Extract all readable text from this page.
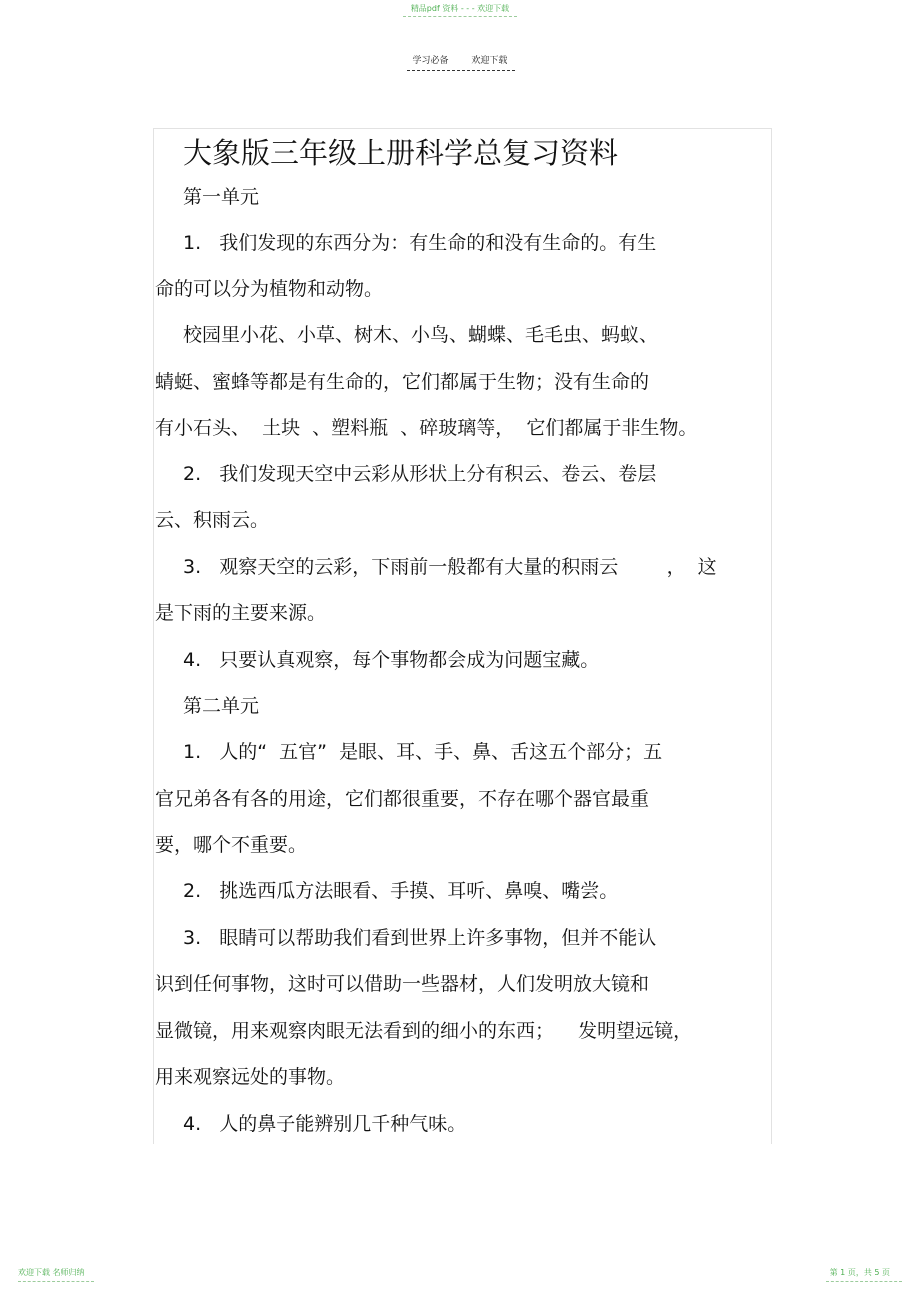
精品pdf 资料 - - - 欢迎下载
学习必备        欢迎下载
大象版三年级上册科学总复习资料
第一单元
1.   我们发现的东西分为：有生命的和没有生命的。有生
命的可以分为植物和动物。
校园里小花、小草、树木、小鸟、蝴蝶、毛毛虫、蚂蚁、
蜻蜓、蜜蜂等都是有生命的，它们都属于生物；没有生命的
有小石头、  土块  、塑料瓶  、碎玻璃等，  它们都属于非生物。
2.   我们发现天空中云彩从形状上分有积云、卷云、卷层
云、积雨云。
3.   观察天空的云彩，下雨前一般都有大量的积雨云        ，  这
是下雨的主要来源。
4.   只要认真观察，每个事物都会成为问题宝藏。
第二单元
1.   人的“  五官”  是眼、耳、手、鼻、舌这五个部分；五
官兄弟各有各的用途，它们都很重要，不存在哪个器官最重
要，哪个不重要。
2.   挑选西瓜方法眼看、手摸、耳听、鼻嗅、嘴尝。
3.   眼睛可以帮助我们看到世界上许多事物，但并不能认
识到任何事物，这时可以借助一些器材，人们发明放大镜和
显微镜，用来观察肉眼无法看到的细小的东西；    发明望远镜，
用来观察远处的事物。
4.   人的鼻子能辨别几千种气味。
欢迎下载 名师归纳	第 1 页，共 5 页
